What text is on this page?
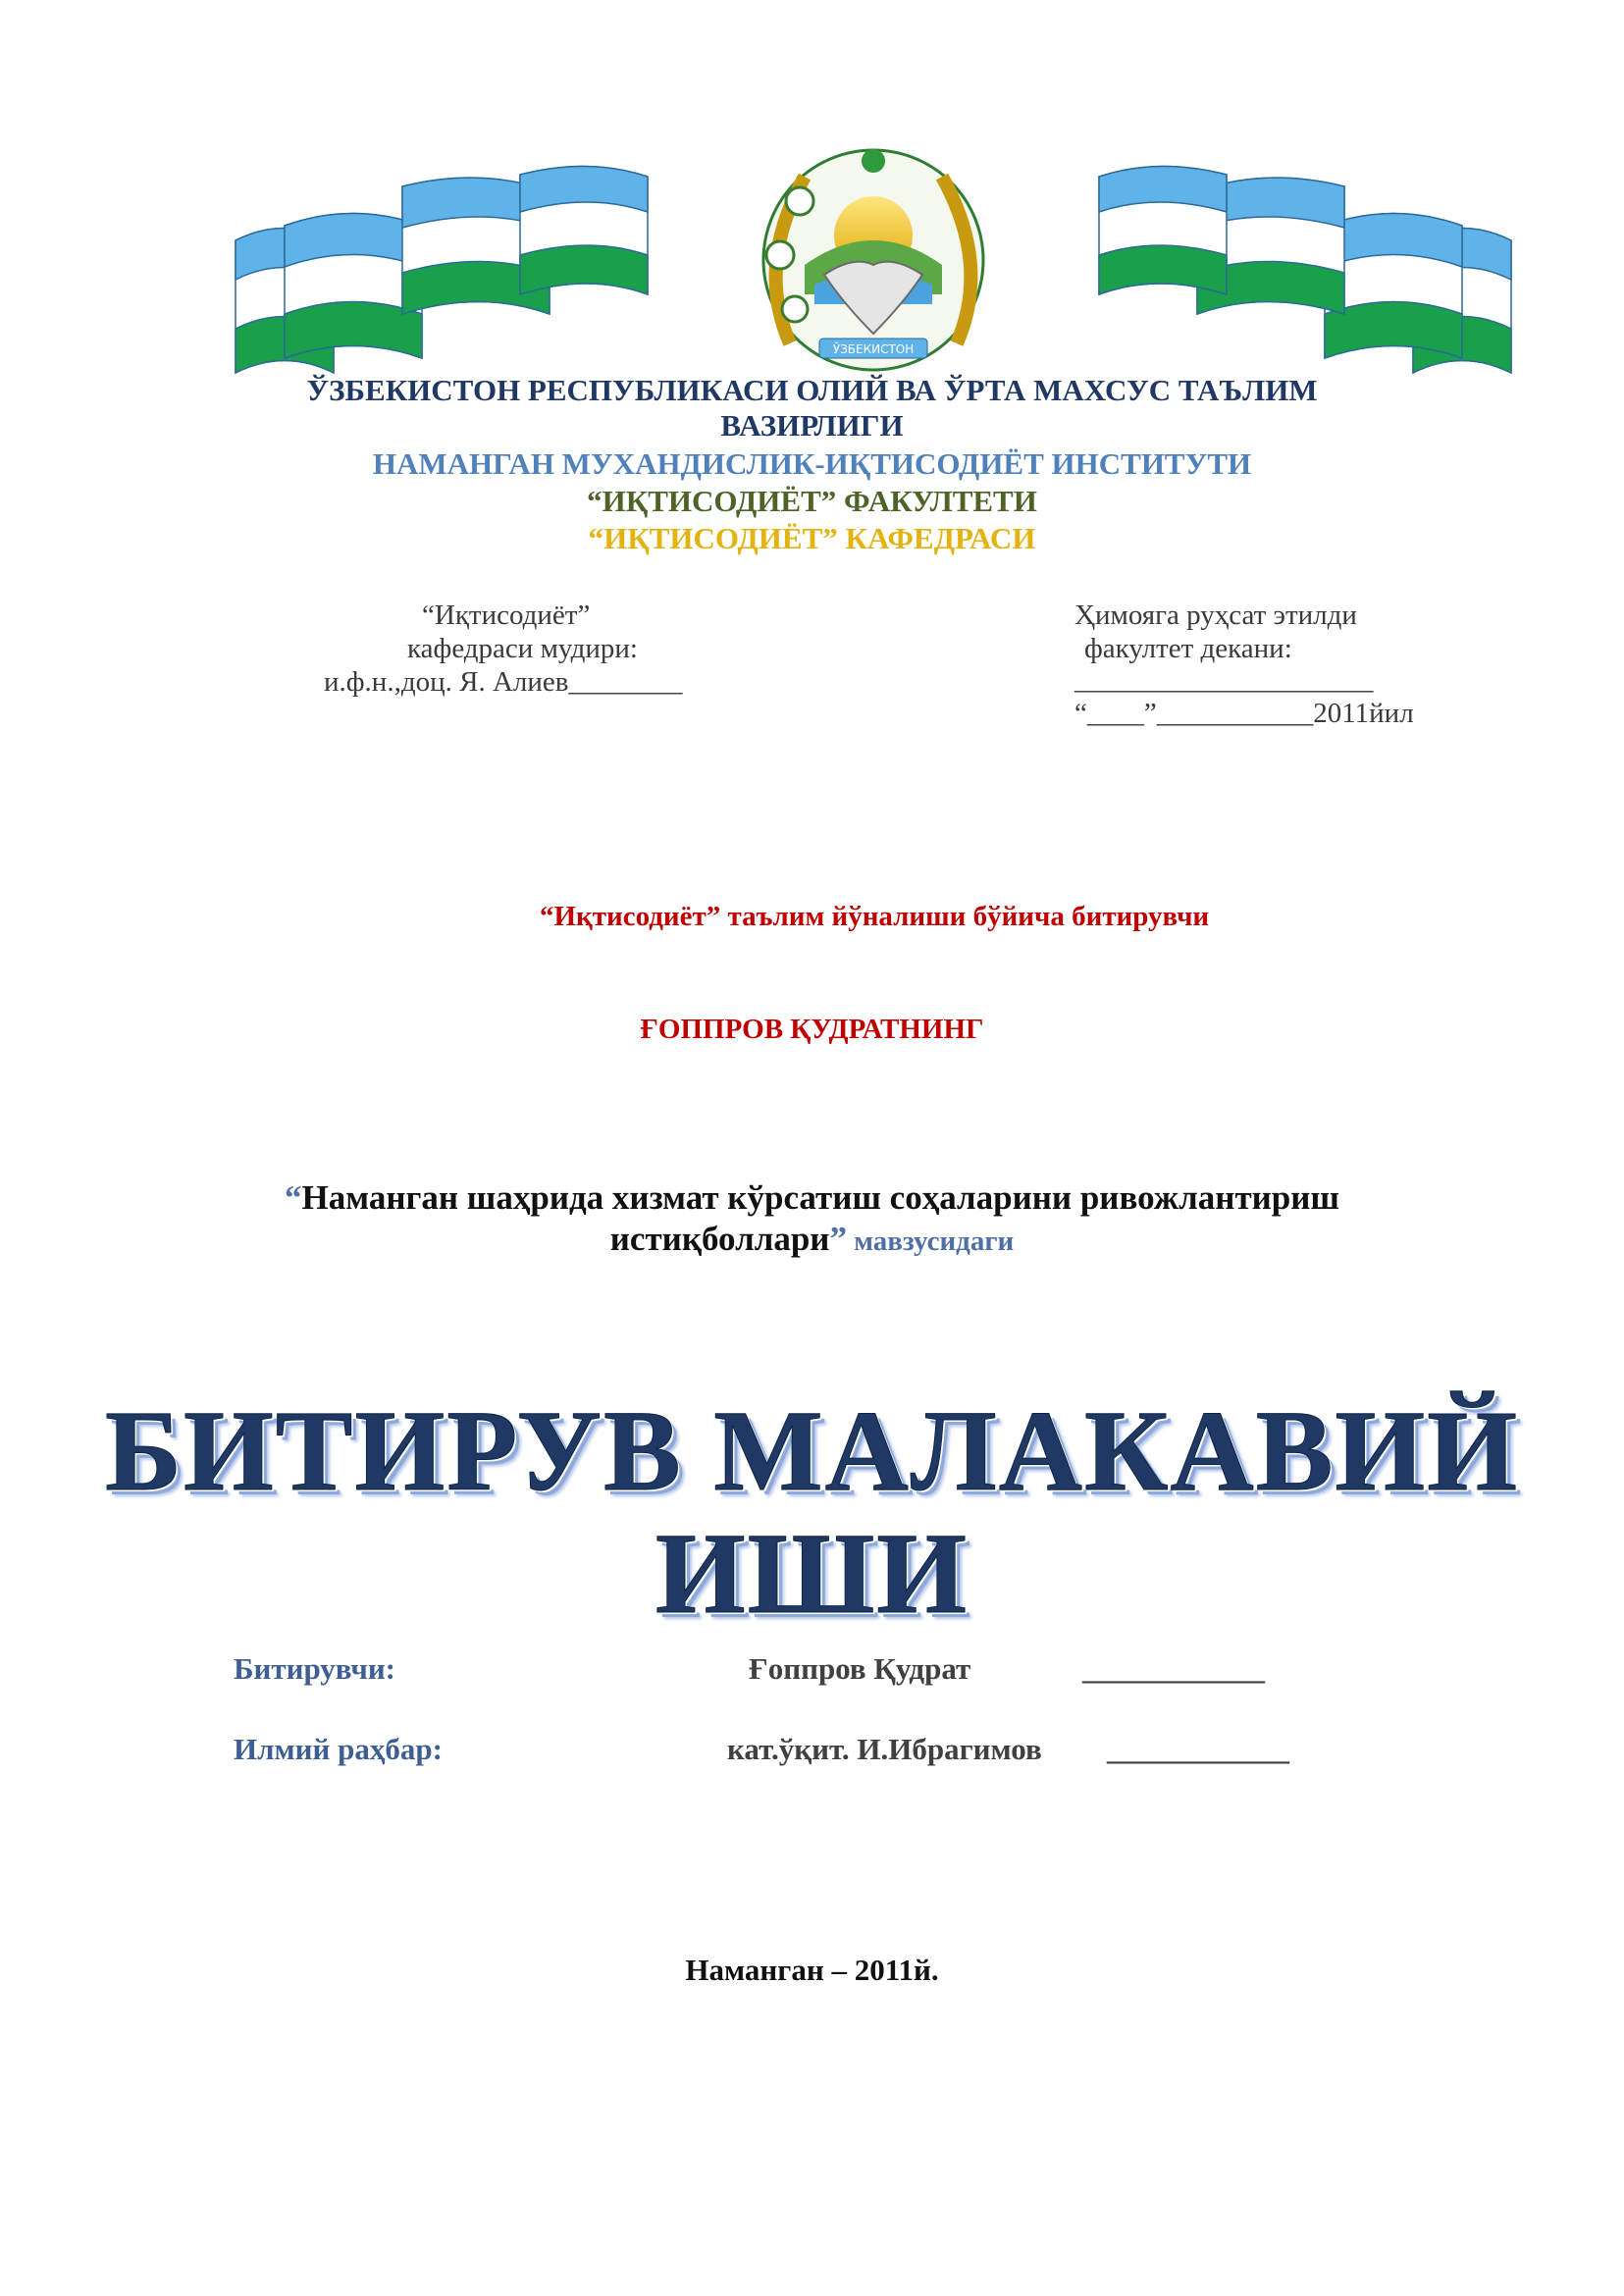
ЎЗБЕКИСТОН
ЎЗБЕКИСТОН РЕСПУБЛИКАСИ ОЛИЙ ВА ЎРТА МАХСУС ТАЪЛИМ
ВАЗИРЛИГИ
НАМАНГАН МУХАНДИСЛИК-ИҚТИСОДИЁТ ИНСТИТУТИ
“ИҚТИСОДИЁТ” ФАКУЛТЕТИ
“ИҚТИСОДИЁТ” КАФЕДРАСИ
“Иқтисодиёт”
кафедраси мудири:
и.ф.н.,доц. Я. Алиев________
Ҳимояга руҳсат этилди
факултет декани:
_____________________
“____”___________2011йил
“Иқтисодиёт” таълим йўналиши бўйича битирувчи
ҒОППРОВ ҚУДРАТНИНГ
“Наманган шаҳрида хизмат кўрсатиш соҳаларини ривожлантириш
истиқболлари” мавзусидаги
БИТИРУВ МАЛАКАВИЙ
ИШИ
Битирувчи:	Ғоппров Қудрат	____________
Илмий раҳбар:	кат.ўқит. И.Ибрагимов ____________
Наманган – 2011й.
